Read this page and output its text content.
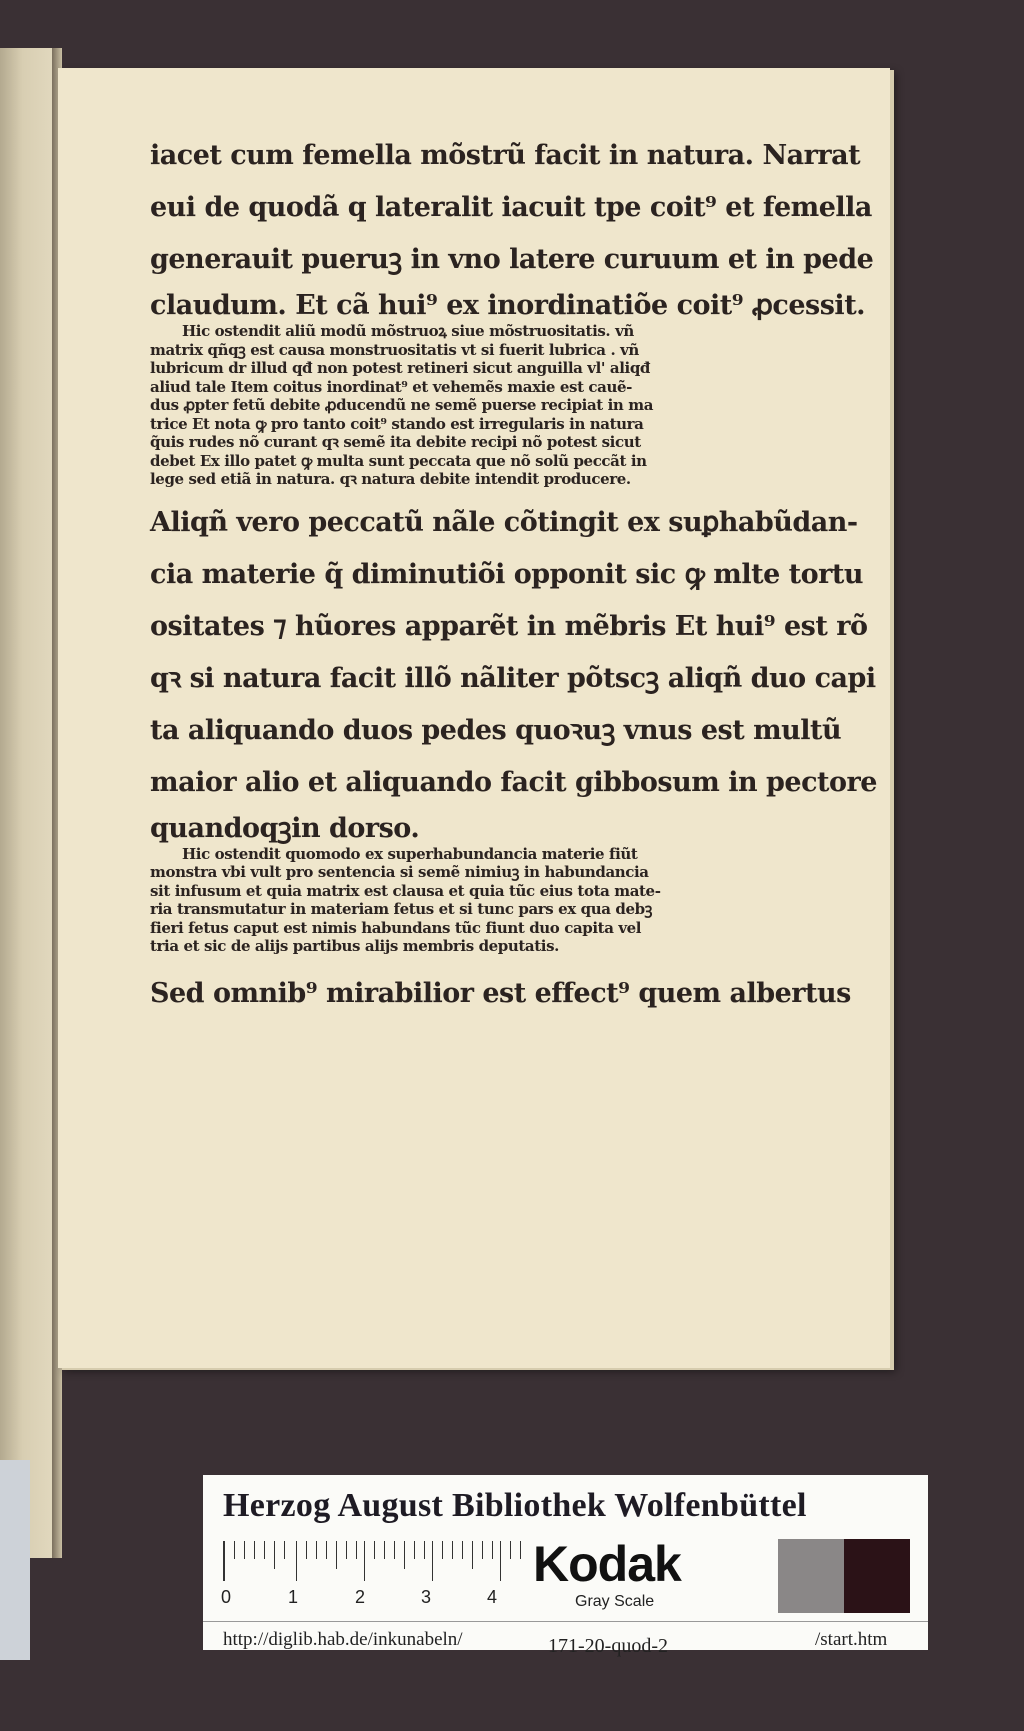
iacet cum femella mõstrũ facit in natura. Narrat
eui de quodã q lateralit iacuit tpe coit⁹ et femella
generauit pueruꝫ in vno latere curuum et in pede
claudum. Et cã hui⁹ ex inordinatiõe coit⁹ ꝓcessit.
Hic ostendit aliũ modũ mõstruoꝝ siue mõstruositatis. vñ
matrix qñqꝫ est causa monstruositatis vt si fuerit lubrica . vñ
lubricum dr illud qđ non potest retineri sicut anguilla vl' aliqđ
aliud tale Item coitus inordinat⁹ et vehemẽs maxie est cauẽ-
dus ꝓpter fetũ debite ꝓducendũ ne semẽ puerse recipiat in ma
trice Et nota ꝙ pro tanto coit⁹ stando est irregularis in natura
q̃uis rudes nõ curant qꝛ semẽ ita debite recipi nõ potest sicut
debet Ex illo patet ꝙ multa sunt peccata que nõ solũ peccãt in
lege sed etiã in natura. qꝛ natura debite intendit producere.
Aliqñ vero peccatũ nãle cõtingit ex suꝑhabũdan-
cia materie q̃ diminutiõi opponit sic ꝙ mlte tortu
ositates ⁊ hũores apparẽt in mẽbris Et hui⁹ est rõ
qꝛ si natura facit illõ nãliter põtscꝫ aliqñ duo capi
ta aliquando duos pedes quoꝛuꝫ vnus est multũ
maior alio et aliquando facit gibbosum in pectore
quandoqꝫin dorso.
Hic ostendit quomodo ex superhabundancia materie fiũt
monstra vbi vult pro sentencia si semẽ nimiuꝫ in habundancia
sit infusum et quia matrix est clausa et quia tũc eius tota mate-
ria transmutatur in materiam fetus et si tunc pars ex qua debꝫ
fieri fetus caput est nimis habundans tũc fiunt duo capita vel
tria et sic de alijs partibus alijs membris deputatis.
Sed omnib⁹ mirabilior est effect⁹ quem albertus
Herzog August Bibliothek Wolfenbüttel
0	1	2	3	4
Kodak
Gray Scale
http://diglib.hab.de/inkunabeln/	171-20-quod-2	/start.htm
